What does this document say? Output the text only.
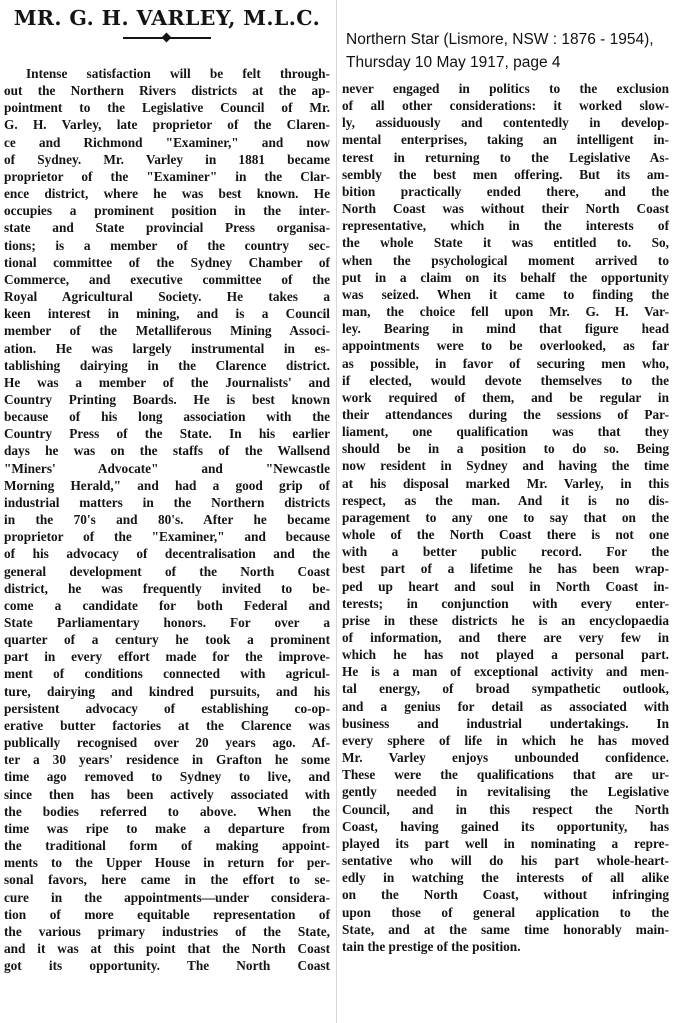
MR. G. H. VARLEY, M.L.C.

Intense satisfaction will be felt through-
out the Northern Rivers districts at the ap-
pointment to the Legislative Council of Mr.
G. H. Varley, late proprietor of the Claren-
ce and Richmond "Examiner," and now
of Sydney. Mr. Varley in 1881 became
proprietor of the "Examiner" in the Clar-
ence district, where he was best known. He
occupies a prominent position in the inter-
state and State provincial Press organisa-
tions; is a member of the country sec-
tional committee of the Sydney Chamber of
Commerce, and executive committee of the
Royal Agricultural Society. He takes a
keen interest in mining, and is a Council
member of the Metalliferous Mining Associ-
ation. He was largely instrumental in es-
tablishing dairying in the Clarence district.
He was a member of the Journalists' and
Country Printing Boards. He is best known
because of his long association with the
Country Press of the State. In his earlier
days he was on the staffs of the Wallsend
"Miners' Advocate" and "Newcastle
Morning Herald," and had a good grip of
industrial matters in the Northern districts
in the 70's and 80's. After he became
proprietor of the "Examiner," and because
of his advocacy of decentralisation and the
general development of the North Coast
district, he was frequently invited to be-
come a candidate for both Federal and
State Parliamentary honors. For over a
quarter of a century he took a prominent
part in every effort made for the improve-
ment of conditions connected with agricul-
ture, dairying and kindred pursuits, and his
persistent advocacy of establishing co-op-
erative butter factories at the Clarence was
publically recognised over 20 years ago. Af-
ter a 30 years' residence in Grafton he some
time ago removed to Sydney to live, and
since then has been actively associated with
the bodies referred to above. When the
time was ripe to make a departure from
the traditional form of making appoint-
ments to the Upper House in return for per-
sonal favors, here came in the effort to se-
cure in the appointments—under considera-
tion of more equitable representation of
the various primary industries of the State,
and it was at this point that the North Coast
got its opportunity. The North Coast

Northern Star (Lismore, NSW : 1876 - 1954),
Thursday 10 May 1917, page 4

never engaged in politics to the exclusion
of all other considerations: it worked slow-
ly, assiduously and contentedly in develop-
mental enterprises, taking an intelligent in-
terest in returning to the Legislative As-
sembly the best men offering. But its am-
bition practically ended there, and the
North Coast was without their North Coast
representative, which in the interests of
the whole State it was entitled to. So,
when the psychological moment arrived to
put in a claim on its behalf the opportunity
was seized. When it came to finding the
man, the choice fell upon Mr. G. H. Var-
ley. Bearing in mind that figure head
appointments were to be overlooked, as far
as possible, in favor of securing men who,
if elected, would devote themselves to the
work required of them, and be regular in
their attendances during the sessions of Par-
liament, one qualification was that they
should be in a position to do so. Being
now resident in Sydney and having the time
at his disposal marked Mr. Varley, in this
respect, as the man. And it is no dis-
paragement to any one to say that on the
whole of the North Coast there is not one
with a better public record. For the
best part of a lifetime he has been wrap-
ped up heart and soul in North Coast in-
terests; in conjunction with every enter-
prise in these districts he is an encyclopaedia
of information, and there are very few in
which he has not played a personal part.
He is a man of exceptional activity and men-
tal energy, of broad sympathetic outlook,
and a genius for detail as associated with
business and industrial undertakings. In
every sphere of life in which he has moved
Mr. Varley enjoys unbounded confidence.
These were the qualifications that are ur-
gently needed in revitalising the Legislative
Council, and in this respect the North
Coast, having gained its opportunity, has
played its part well in nominating a repre-
sentative who will do his part whole-heart-
edly in watching the interests of all alike
on the North Coast, without infringing
upon those of general application to the
State, and at the same time honorably main-
tain the prestige of the position.
